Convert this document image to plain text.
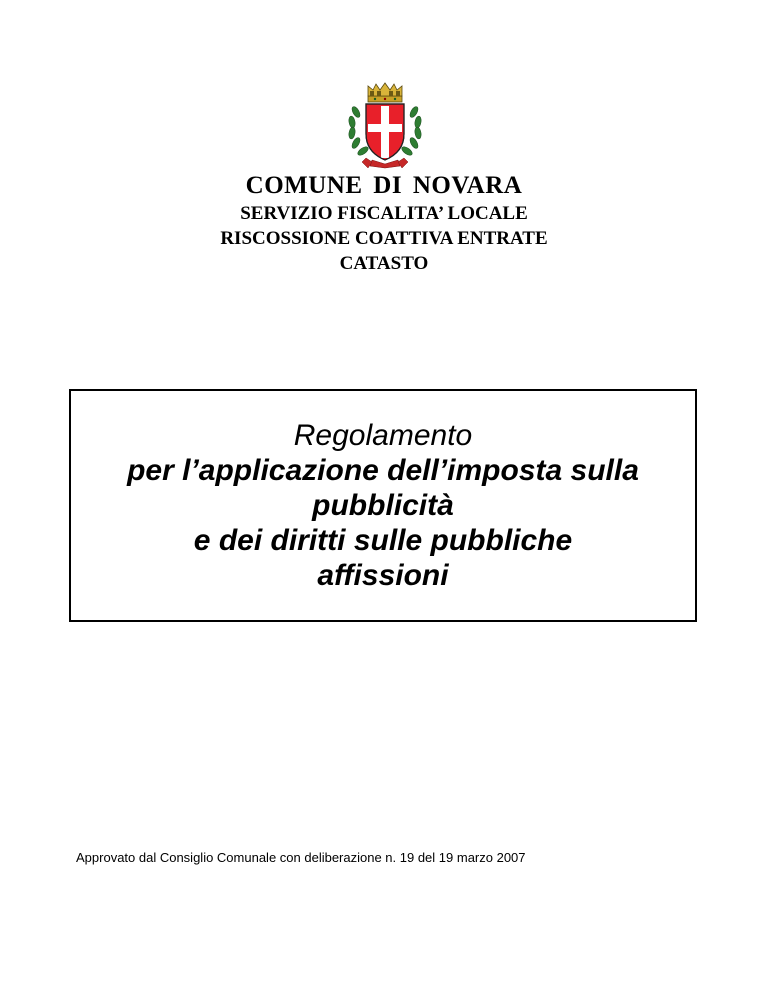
COMUNE DI NOVARA
SERVIZIO FISCALITA’ LOCALE
RISCOSSIONE COATTIVA ENTRATE
CATASTO
Regolamento
per l’applicazione dell’imposta sulla
pubblicità
e dei diritti sulle pubbliche
affissioni
Approvato dal Consiglio Comunale con deliberazione n. 19 del 19 marzo 2007
